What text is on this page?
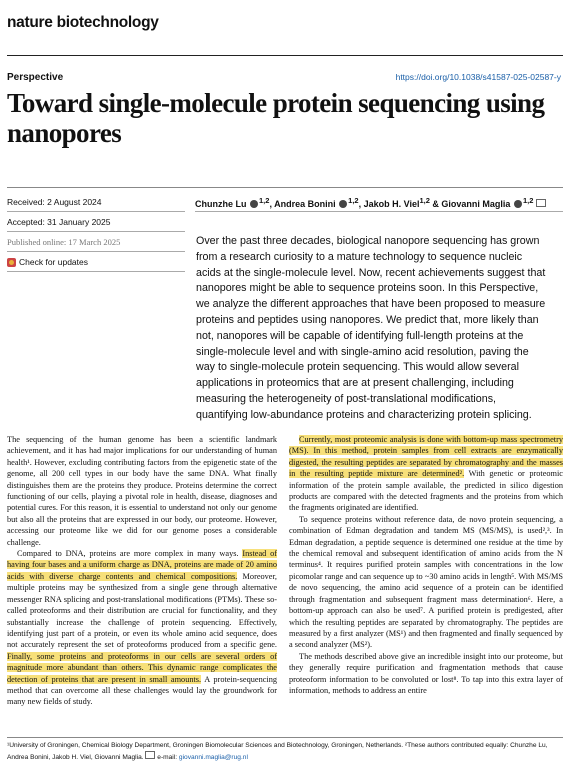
nature biotechnology
Perspective	https://doi.org/10.1038/s41587-025-02587-y
Toward single-molecule protein sequencing using nanopores
Received: 2 August 2024
Accepted: 31 January 2025
Published online: 17 March 2025
Check for updates
Chunzhe Lu $^{1,2}$, Andrea Bonini $^{1,2}$, Jakob H. Viel$^{1,2}$ & Giovanni Maglia $^{1,2}$
Over the past three decades, biological nanopore sequencing has grown from a research curiosity to a mature technology to sequence nucleic acids at the single-molecule level. Now, recent achievements suggest that nanopores might be able to sequence proteins soon. In this Perspective, we analyze the different approaches that have been proposed to measure proteins and peptides using nanopores. We predict that, more likely than not, nanopores will be capable of identifying full-length proteins at the single-molecule level and with single-amino acid resolution, paving the way to single-molecule protein sequencing. This would allow several applications in proteomics that are at present challenging, including measuring the heterogeneity of post-translational modifications, quantifying low-abundance proteins and characterizing protein splicing.

The sequencing of the human genome has been a scientific landmark achievement, and it has had major implications for our understanding of human health¹. However, excluding contributing factors from the epigenetic state of the genome, all 200 cell types in our body have the same DNA. What finally distinguishes them are the proteins they produce. Proteins determine the correct functioning of our cells, playing a pivotal role in health, disease, diagnoses and potential cures. For this reason, it is essential to understand not only our genome but also all the proteins that are expressed in our body, our proteome. However, accessing our proteome like we did for our genome poses a considerable challenge.

Compared to DNA, proteins are more complex in many ways. Instead of having four bases and a uniform charge as DNA, proteins are made of 20 amino acids with diverse charge contents and chemical compositions. Moreover, multiple proteins may be synthesized from a single gene through alternative messenger RNA splicing and post-translational modifications (PTMs). These so-called proteoforms and their distribution are crucial for functionality, and they substantially increase the challenge of protein sequencing. Effectively, identifying just part of a protein, or even its whole amino acid sequence, does not accurately represent the set of proteoforms produced from a specific gene. Finally, some proteins and proteoforms in our cells are several orders of magnitude more abundant than others. This dynamic range complicates the detection of proteins that are present in small amounts. A protein-sequencing method that can overcome all these challenges would lay the groundwork for many new fields of study.

Currently, most proteomic analysis is done with bottom-up mass spectrometry (MS). In this method, protein samples from cell extracts are enzymatically digested, the resulting peptides are separated by chromatography and the masses in the resulting peptide mixture are determined². With genetic or proteomic information of the protein sample available, the predicted in silico digestion products are compared with the detected fragments and the proteins from which the fragments originated are identified.

To sequence proteins without reference data, de novo protein sequencing, a combination of Edman degradation and tandem MS (MS/MS), is used²,³. In Edman degradation, a peptide sequence is determined one residue at the time by the chemical removal and subsequent identification of amino acids from the N terminus⁴. It requires purified protein samples with concentrations in the low picomolar range and can sequence up to ~30 amino acids in length⁵. With MS/MS de novo sequencing, the amino acid sequence of a protein can be identified through fragmentation and subsequent fragment mass determination⁶. Here, a bottom-up approach can also be used⁷. A purified protein is predigested, after which the resulting peptides are separated by chromatography. The peptides are measured by a first analyzer (MS¹) and then fragmented and finally sequenced by a second analyzer (MS²).

The methods described above give an incredible insight into our proteome, but they generally require purification and fragmentation methods that cause proteoform information to be convoluted or lost⁸. To tap into this extra layer of information, methods to address an entire

¹University of Groningen, Chemical Biology Department, Groningen Biomolecular Sciences and Biotechnology, Groningen, Netherlands. ²These authors contributed equally: Chunzhe Lu, Andrea Bonini, Jakob H. Viel, Giovanni Maglia. e-mail: giovanni.maglia@rug.nl
